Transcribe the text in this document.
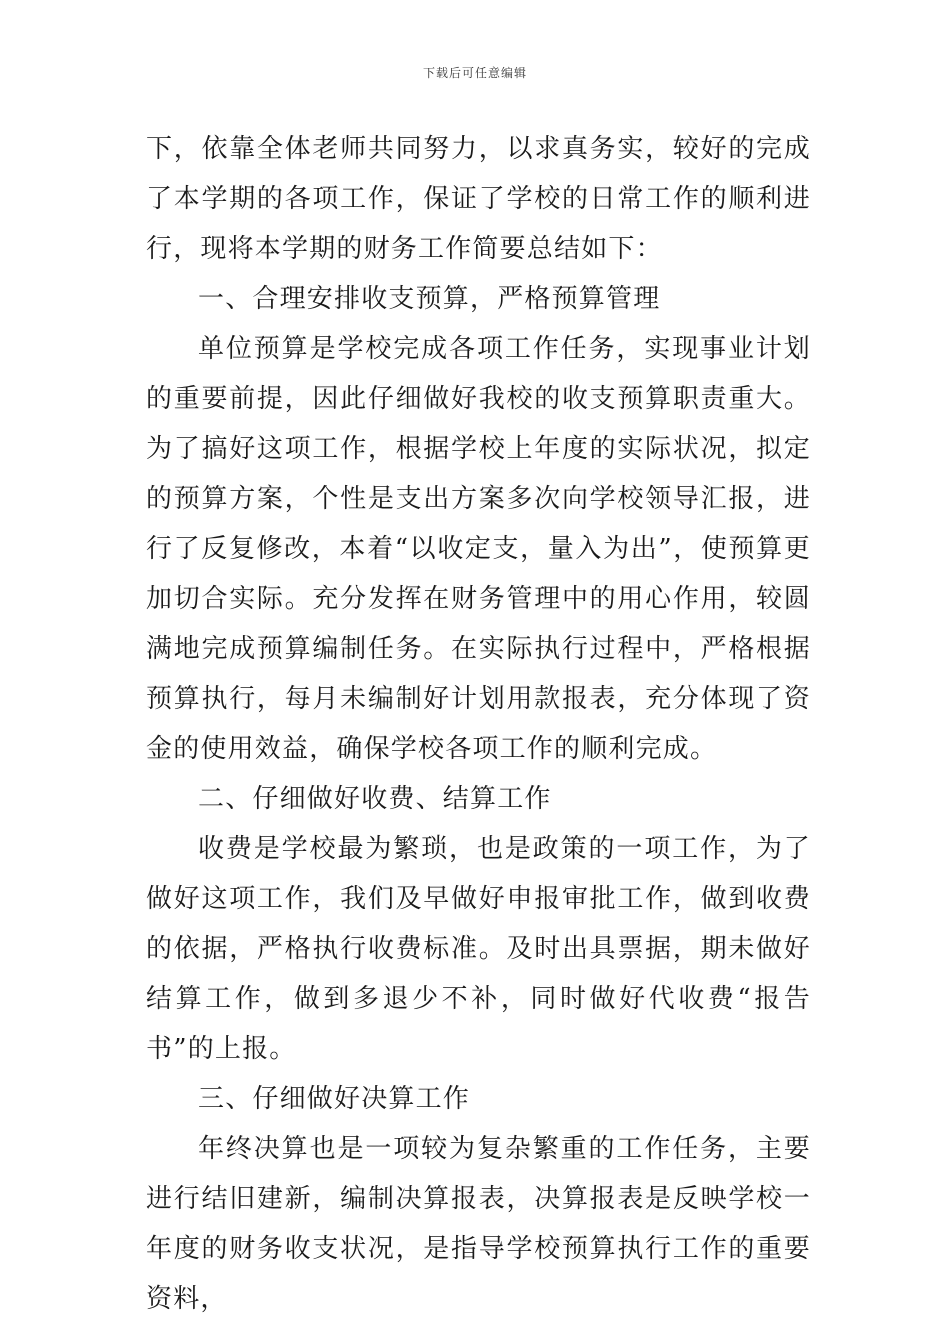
下载后可任意编辑

下，依靠全体老师共同努力，以求真务实，较好的完成了本学期的各项工作，保证了学校的日常工作的顺利进行，现将本学期的财务工作简要总结如下：

一、合理安排收支预算，严格预算管理

单位预算是学校完成各项工作任务，实现事业计划的重要前提，因此仔细做好我校的收支预算职责重大。为了搞好这项工作，根据学校上年度的实际状况，拟定的预算方案，个性是支出方案多次向学校领导汇报，进行了反复修改，本着“以收定支，量入为出”，使预算更加切合实际。充分发挥在财务管理中的用心作用，较圆满地完成预算编制任务。在实际执行过程中，严格根据预算执行，每月未编制好计划用款报表，充分体现了资金的使用效益，确保学校各项工作的顺利完成。

二、仔细做好收费、结算工作

收费是学校最为繁琐，也是政策的一项工作，为了做好这项工作，我们及早做好申报审批工作，做到收费的依据，严格执行收费标准。及时出具票据，期未做好结算工作，做到多退少不补，同时做好代收费“报告书”的上报。

三、仔细做好决算工作

年终决算也是一项较为复杂繁重的工作任务，主要进行结旧建新，编制决算报表，决算报表是反映学校一年度的财务收支状况，是指导学校预算执行工作的重要资料，
